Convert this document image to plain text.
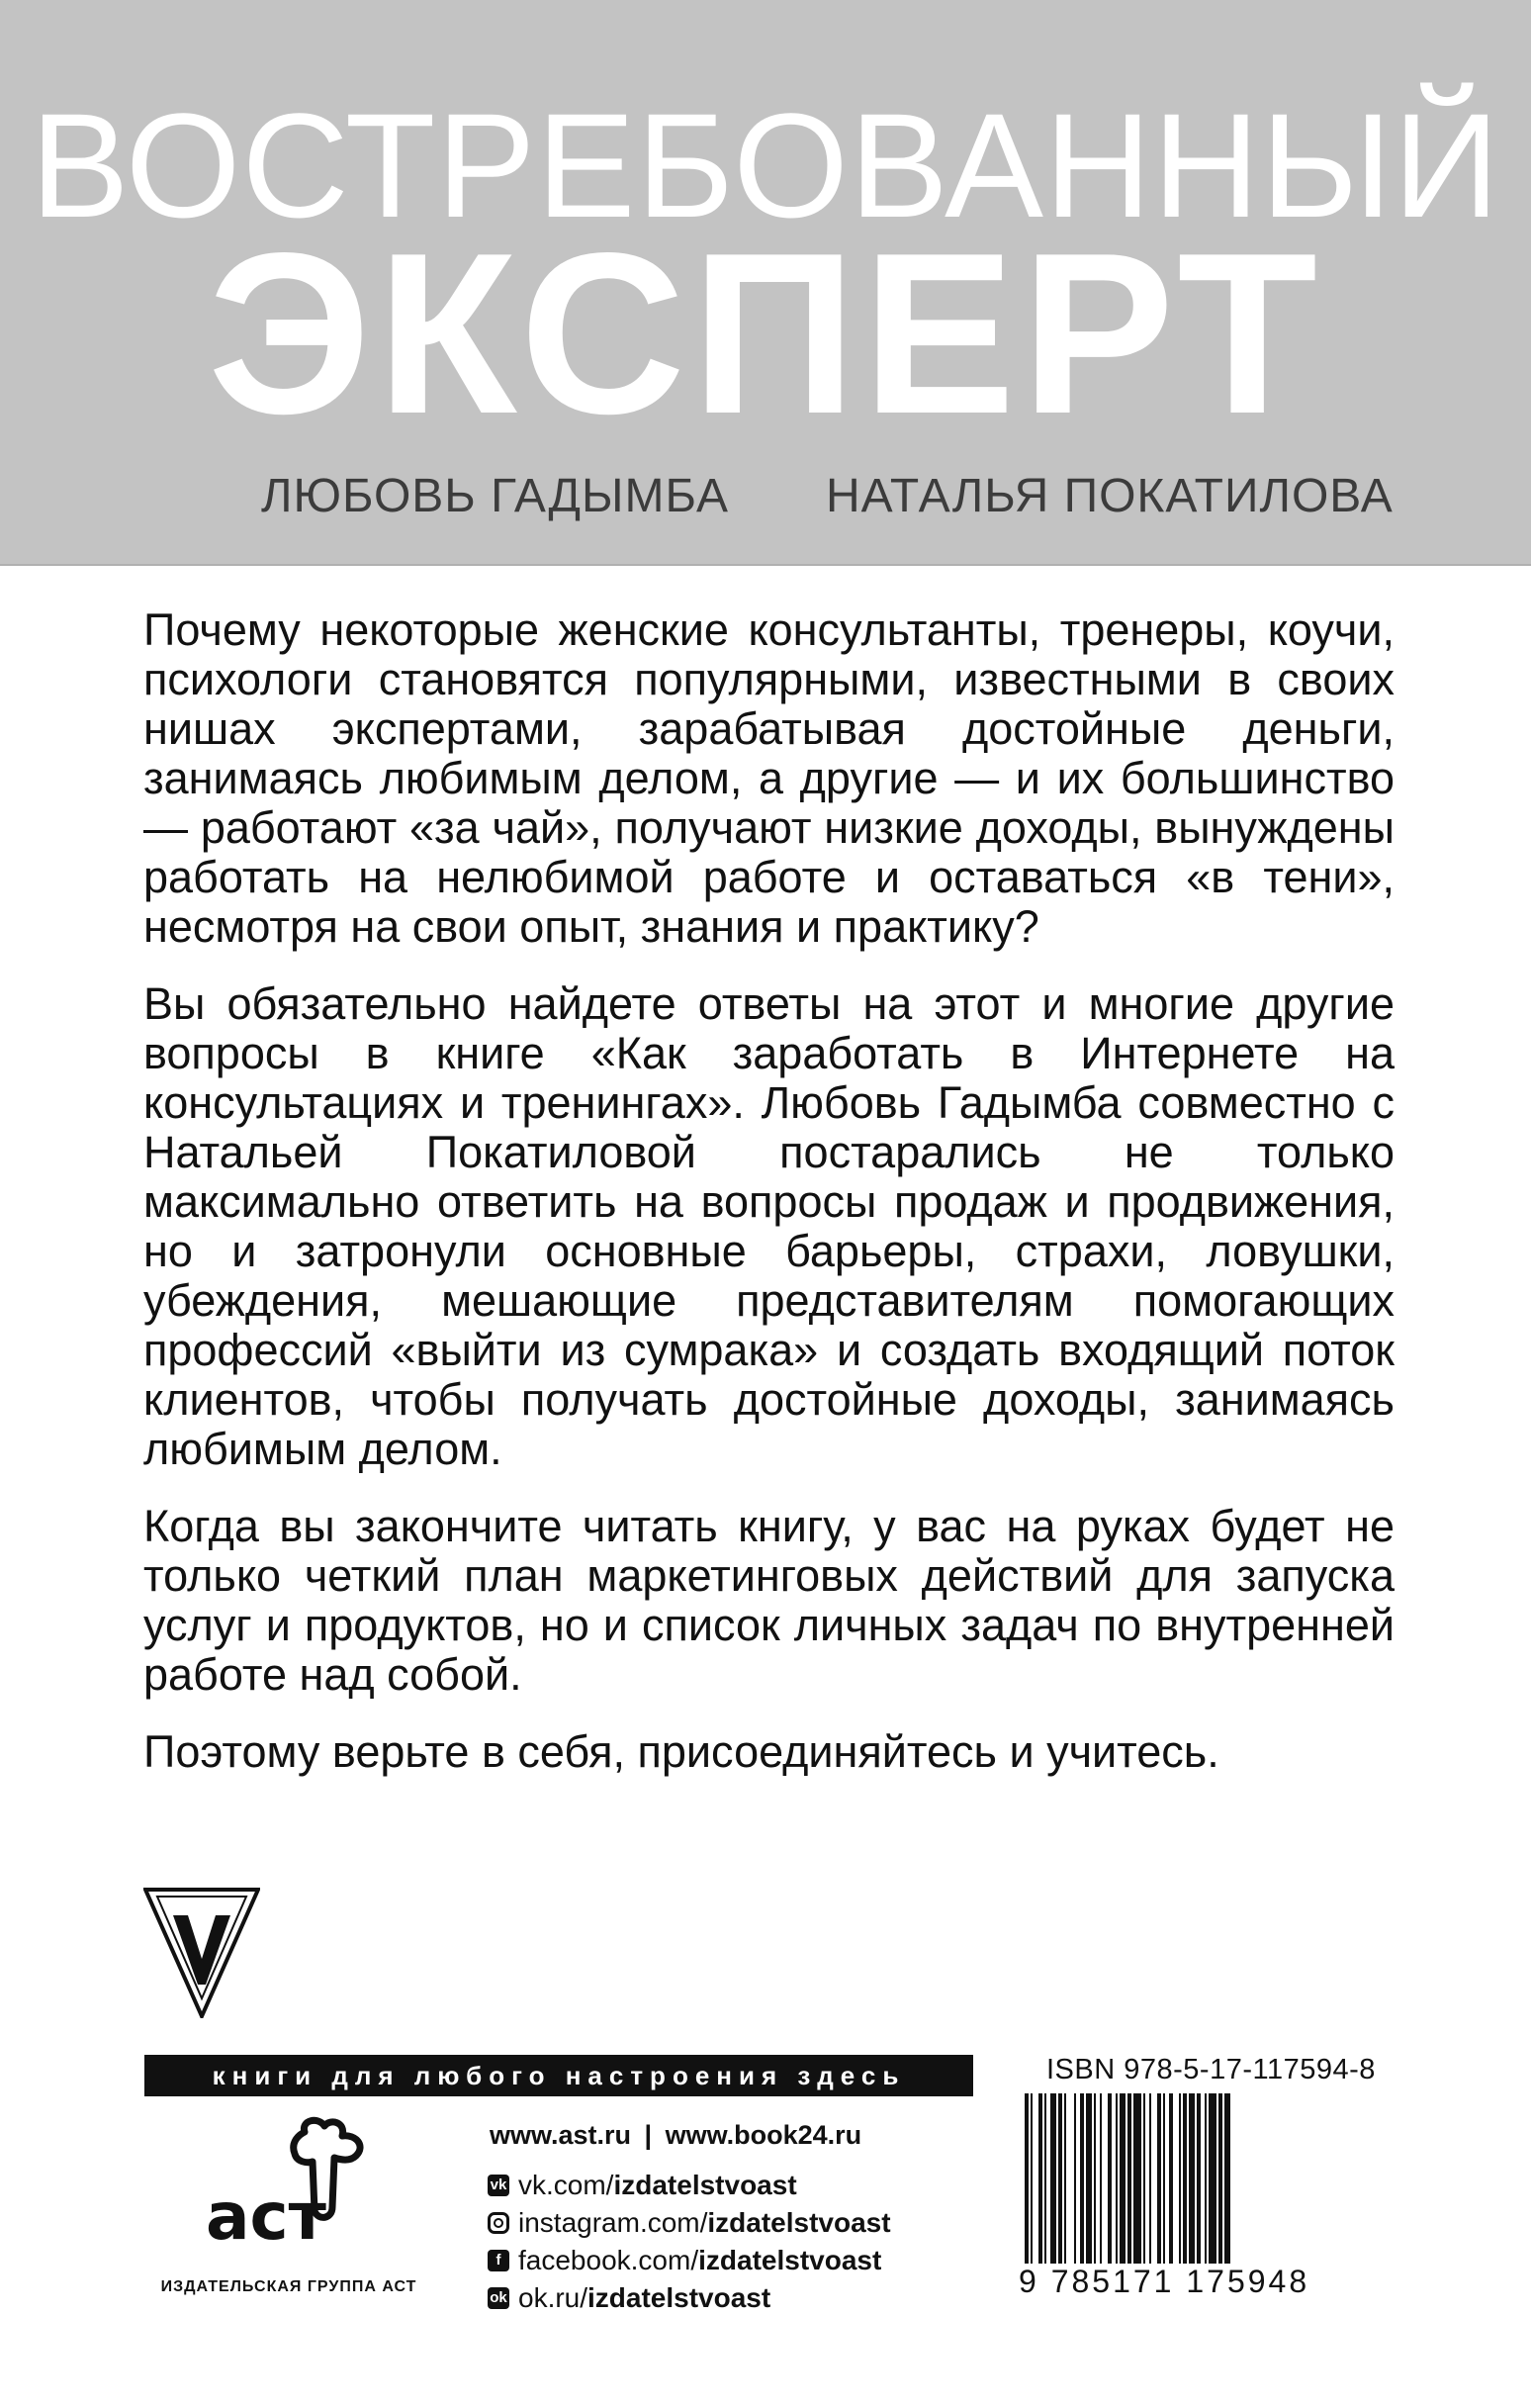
ВОСТРЕБОВАННЫЙ
ЭКСПЕРТ
ЛЮБОВЬ ГАДЫМБА НАТАЛЬЯ ПОКАТИЛОВА

Почему некоторые женские консультанты, тренеры, коучи, психологи становятся популярными, известными в своих нишах экспертами, зарабатывая достойные деньги, занимаясь любимым делом, а другие — и их большинство — работают «за чай», получают низкие доходы, вынуждены работать на нелюбимой работе и оставаться «в тени», несмотря на свои опыт, знания и практику?

Вы обязательно найдете ответы на этот и многие другие вопросы в книге «Как заработать в Интернете на консультациях и тренингах». Любовь Гадымба совместно с Натальей Покатиловой постарались не только максимально ответить на вопросы продаж и продвижения, но и затронули основные барьеры, страхи, ловушки, убеждения, мешающие представителям помогающих профессий «выйти из сумрака» и создать входящий поток клиентов, чтобы получать достойные доходы, занимаясь любимым делом.

Когда вы закончите читать книгу, у вас на руках будет не только четкий план маркетинговых действий для запуска услуг и продуктов, но и список личных задач по внутренней работе над собой.

Поэтому верьте в себя, присоединяйтесь и учитесь.

книги для любого настроения здесь
аст
ИЗДАТЕЛЬСКАЯ ГРУППА АСТ
www.ast.ru | www.book24.ru
vk vk.com/ izdatelstvoast
instagram.com/ izdatelstvoast
f facebook.com/ izdatelstvoast
ok ok.ru/ izdatelstvoast
ISBN 978-5-17-117594-8
9 785171 175948
